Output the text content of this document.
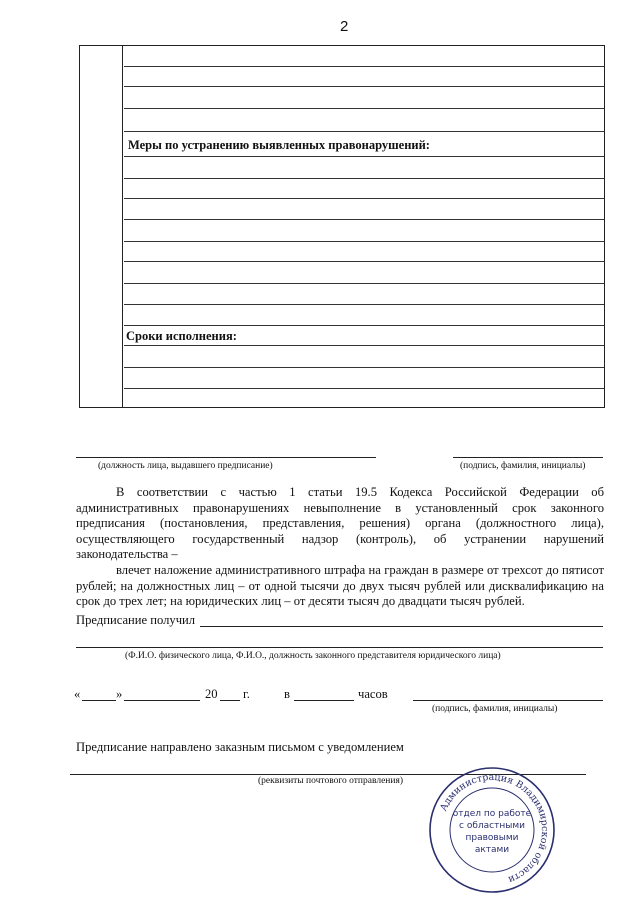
2
Меры по устранению выявленных правонарушений:
Сроки исполнения:
(должность лица, выдавшего предписание)	(подпись, фамилия, инициалы)

В соответствии с частью 1 статьи 19.5 Кодекса Российской Федерации об административных правонарушениях невыполнение в установленный срок законного предписания (постановления, представления, решения) органа (должностного лица), осуществляющего государственный надзор (контроль), об устранении нарушений законодательства –

влечет наложение административного штрафа на граждан в размере от трехсот до пятисот рублей; на должностных лиц – от одной тысячи до двух тысяч рублей или дисквалификацию на срок до трех лет; на юридических лиц – от десяти тысяч до двадцати тысяч рублей.

Предписание получил
(Ф.И.О. физического лица, Ф.И.О., должность законного представителя юридического лица)
«	»	20 г.	в	часов
(подпись, фамилия, инициалы)
Предписание направлено заказным письмом с уведомлением
(реквизиты почтового отправления)
Администрация Владимирской области
отдел по работе
с областными
правовыми
актами
